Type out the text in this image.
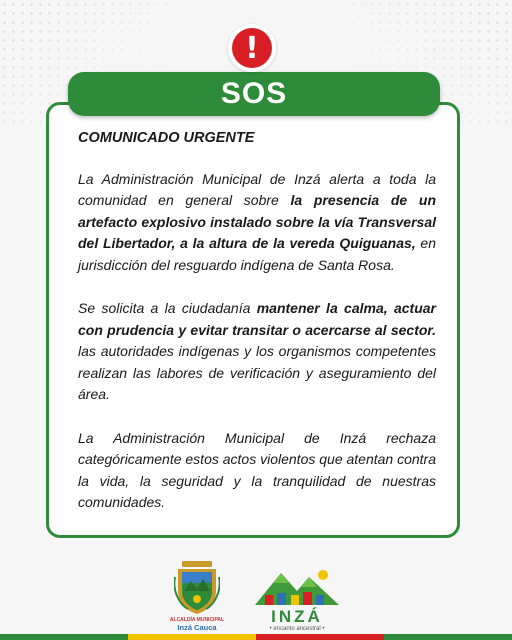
!
SOS
COMUNICADO URGENTE

La Administración Municipal de Inzá alerta a toda la comunidad en general sobre la presencia de un artefacto explosivo instalado sobre la vía Transversal del Libertador, a la altura de la vereda Quiguanas, en jurisdicción del resguardo indígena de Santa Rosa.

Se solicita a la ciudadanía mantener la calma, actuar con prudencia y evitar transitar o acercarse al sector. las autoridades indígenas y los organismos competentes realizan las labores de verificación y aseguramiento del área.

La Administración Municipal de Inzá rechaza categóricamente estos actos violentos que atentan contra la vida, la seguridad y la tranquilidad de nuestras comunidades.

ALCALDÍA MUNICIPAL
Inzá Cauca
INZÁ
• encanto ancestral •
